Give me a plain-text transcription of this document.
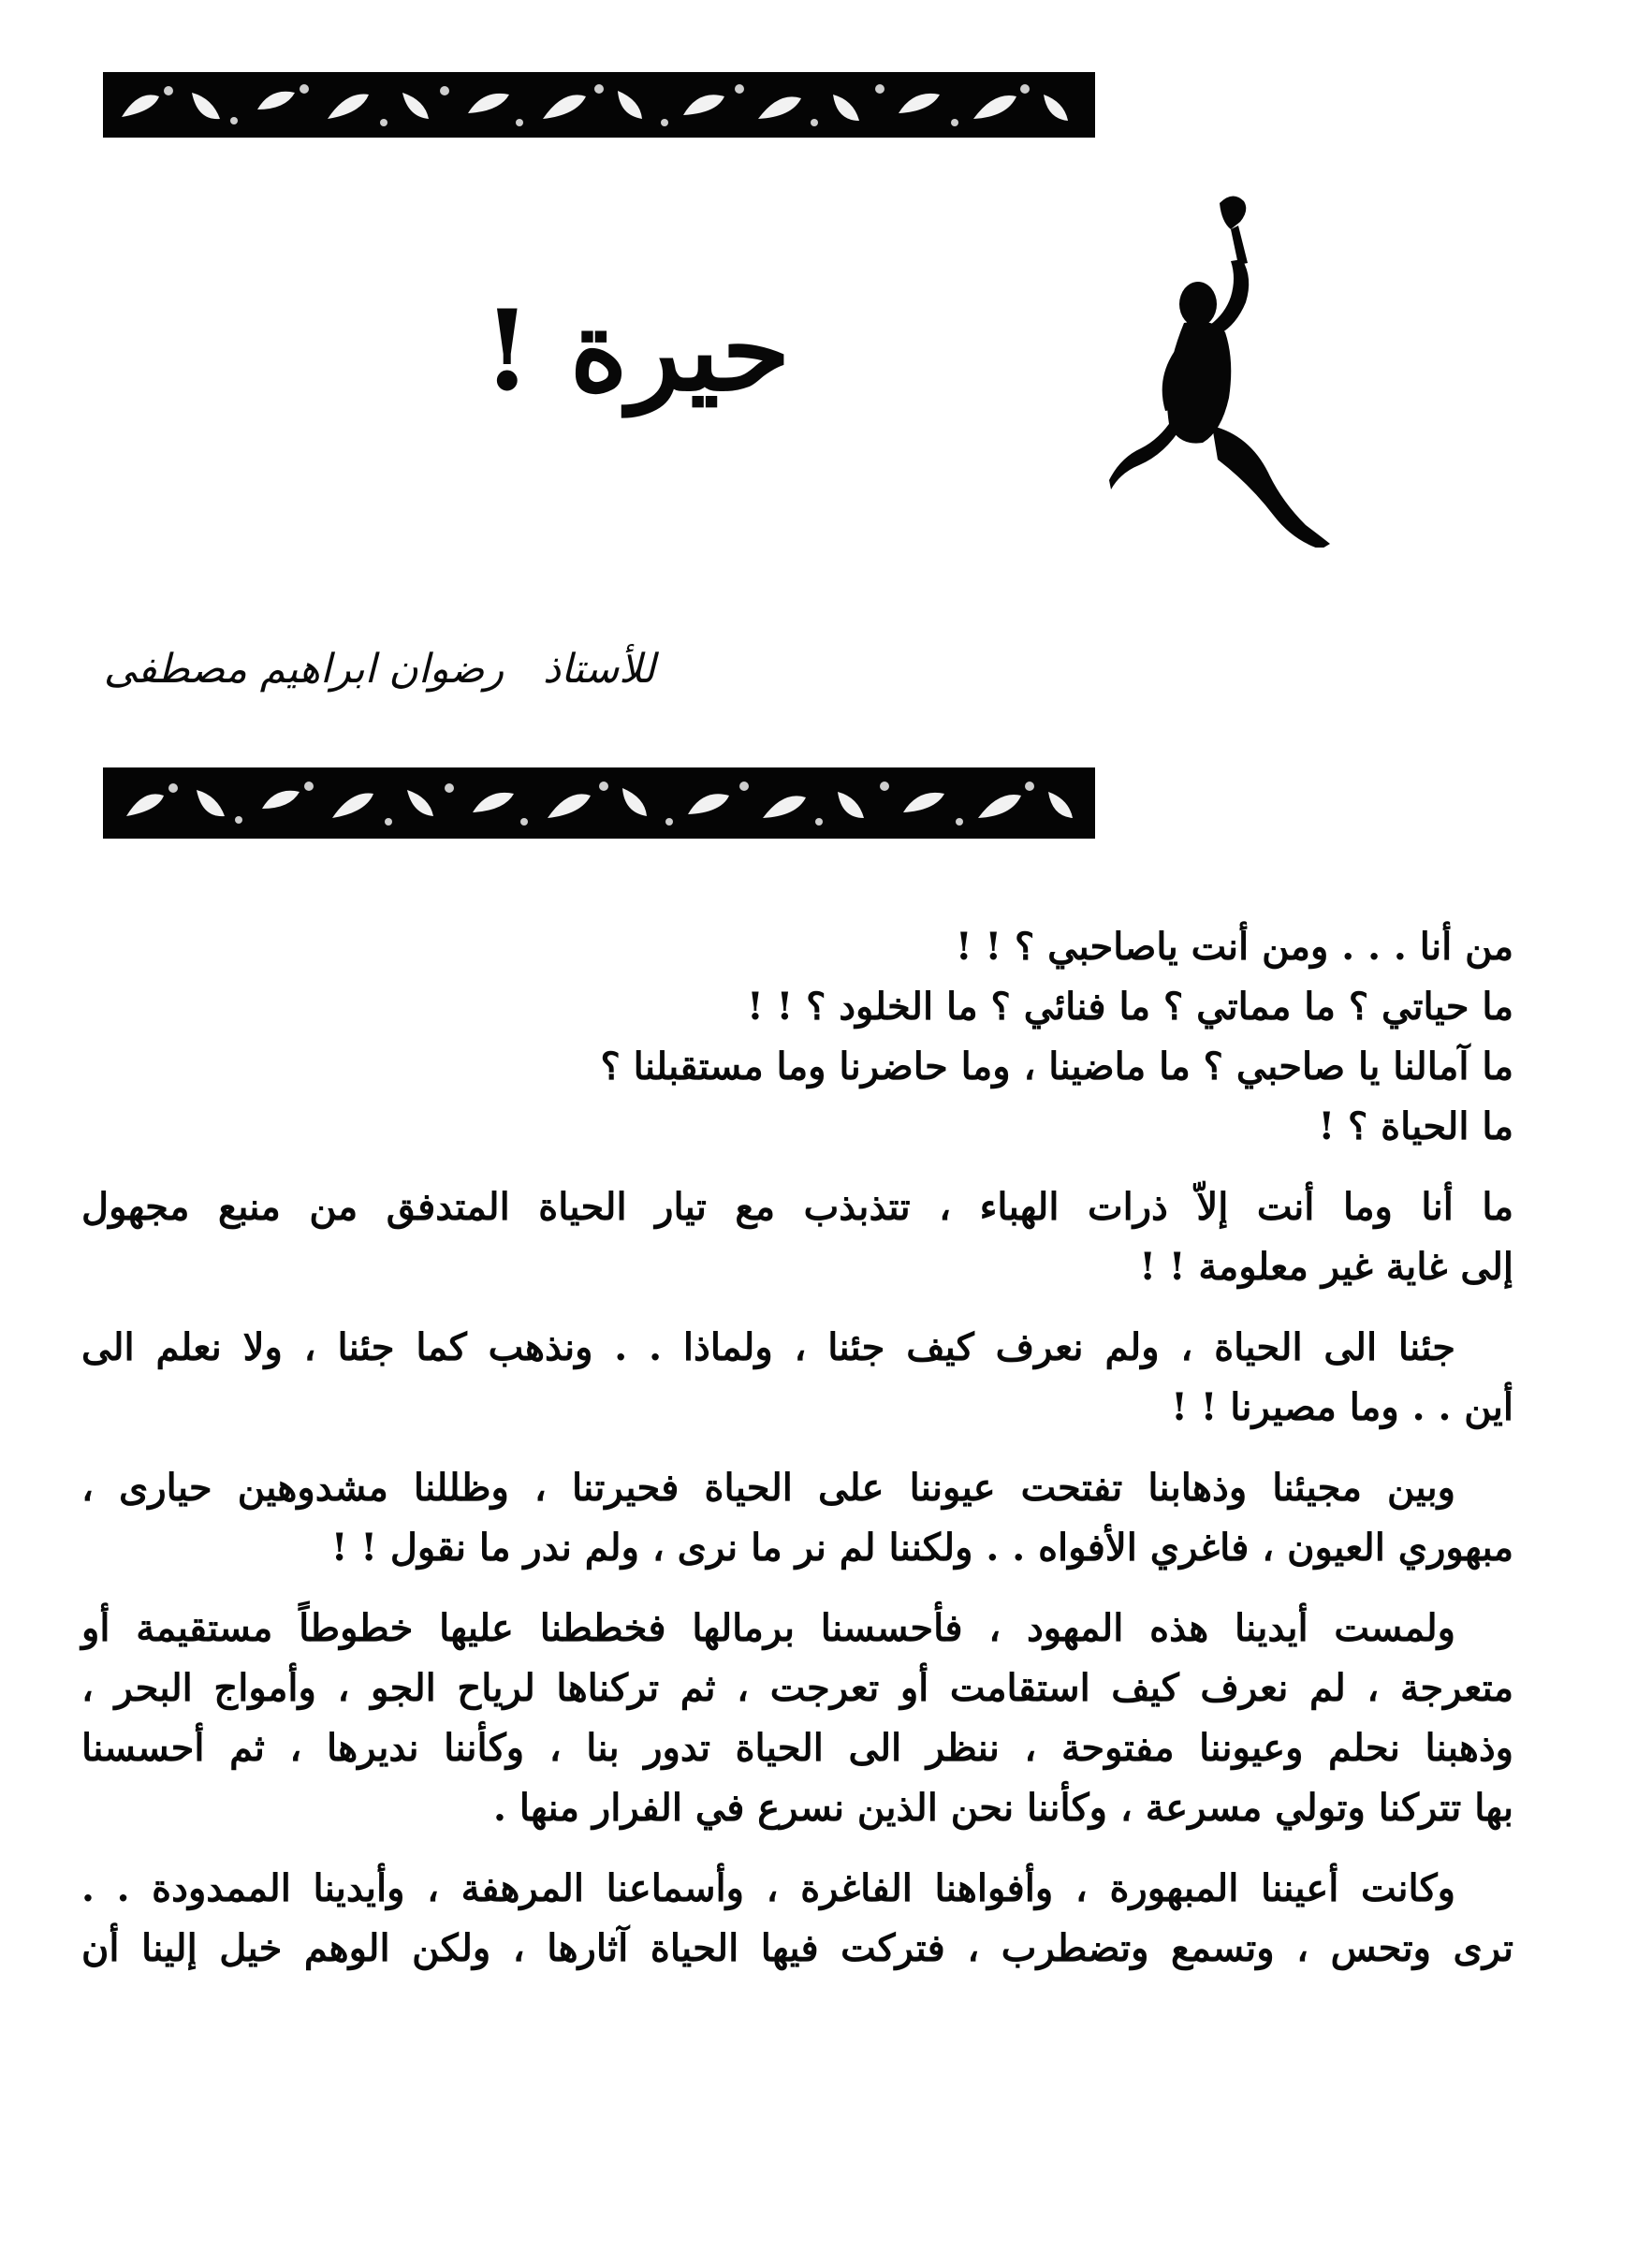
حيرة !
للأستاذ رضوان ابراهيم مصطفى

من أنا . . . ومن أنت ياصاحبي ؟ ! !
ما حياتي ؟ ما مماتي ؟ ما فنائي ؟ ما الخلود ؟ ! !
ما آمالنا يا صاحبي ؟ ما ماضينا ، وما حاضرنا وما مستقبلنا ؟
ما الحياة ؟ !

ما أنا وما أنت إلاّ ذرات الهباء ، تتذبذب مع تيار الحياة المتدفق من منبع مجهول
إلى غاية غير معلومة ! !

جئنا الى الحياة ، ولم نعرف كيف جئنا ، ولماذا . . ونذهب كما جئنا ، ولا نعلم الى
أين . . وما مصيرنا ! !

وبين مجيئنا وذهابنا تفتحت عيوننا على الحياة فحيرتنا ، وظللنا مشدوهين حيارى ،
مبهوري العيون ، فاغري الأفواه . . ولكننا لم نر ما نرى ، ولم ندر ما نقول ! !

ولمست أيدينا هذه المهود ، فأحسسنا برمالها فخططنا عليها خطوطاً مستقيمة أو
متعرجة ، لم نعرف كيف استقامت أو تعرجت ، ثم تركناها لرياح الجو ، وأمواج البحر ،
وذهبنا نحلم وعيوننا مفتوحة ، ننظر الى الحياة تدور بنا ، وكأننا نديرها ، ثم أحسسنا
بها تتركنا وتولي مسرعة ، وكأننا نحن الذين نسرع في الفرار منها .

وكانت أعيننا المبهورة ، وأفواهنا الفاغرة ، وأسماعنا المرهفة ، وأيدينا الممدودة . .
ترى وتحس ، وتسمع وتضطرب ، فتركت فيها الحياة آثارها ، ولكن الوهم خيل إلينا أن
